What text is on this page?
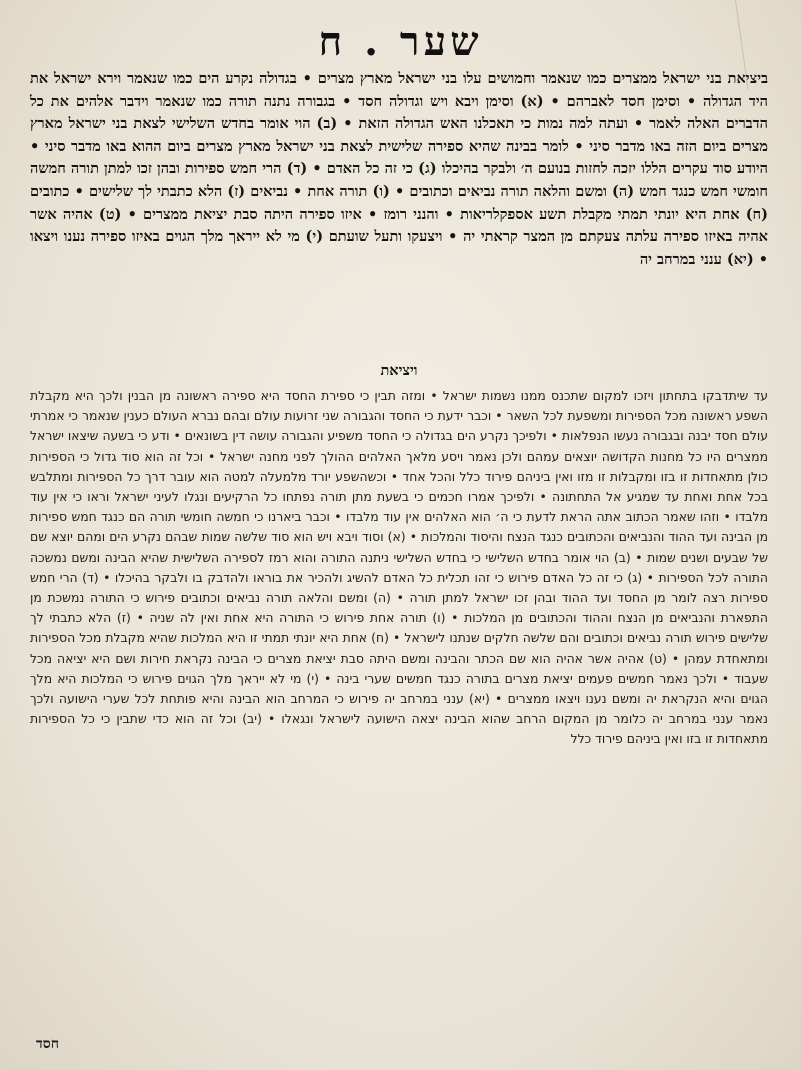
שער . ח
ביציאת בני ישראל ממצרים כמו שנאמר וחמושים עלו בני ישראל מארץ מצרים • בגדולה נקרע הים כמו שנאמר וירא ישראל את היד הגדולה • וסימן חסד לאברהם • (א) וסימן ויבא ויש וגדולה חסד • בגבורה נתנה תורה כמו שנאמר וידבר אלהים את כל הדברים האלה לאמר • ועתה למה נמות כי תאכלנו האש הגדולה הזאת • (ב) הוי אומר בחדש השלישי לצאת בני ישראל מארץ מצרים ביום הזה באו מדבר סיני • לומר בבינה שהיא ספירה שלישית לצאת בני ישראל מארץ מצרים ביום ההוא באו מדבר סיני • היודע סוד עקרים הללו יזכה לחזות בנועם ה׳ ולבקר בהיכלו (ג) כי זה כל האדם • (ד) הרי חמש ספירות ובהן זכו למתן תורה חמשה חומשי חמש כנגד חמש (ה) ומשם והלאה תורה נביאים וכתובים • (ו) תורה אחת • נביאים (ז) הלא כתבתי לך שלישים • כתובים (ח) אחת היא יונתי תמתי מקבלת תשע אספקלריאות • והנני רומז • איזו ספירה היתה סבת יציאת ממצרים • (ט) אהיה אשר אהיה באיזו ספירה עלתה צעקתם מן המצר קראתי יה • ויצעקו ותעל שועתם (י) מי לא ייראך מלך הגוים באיזו ספירה נענו ויצאו • (יא) ענני במרחב יה
ויציאת
עד שיתדבקו בתחתון ויזכו למקום שתכנס ממנו נשמות ישראל • ומזה תבין כי ספירת החסד היא ספירה ראשונה מן הבנין ולכך היא מקבלת השפע ראשונה מכל הספירות ומשפעת לכל השאר • וכבר ידעת כי החסד והגבורה שני זרועות עולם ובהם נברא העולם כענין שנאמר כי אמרתי עולם חסד יבנה ובגבורה נעשו הנפלאות • ולפיכך נקרע הים בגדולה כי החסד משפיע והגבורה עושה דין בשונאים • ודע כי בשעה שיצאו ישראל ממצרים היו כל מחנות הקדושה יוצאים עמהם ולכן נאמר ויסע מלאך האלהים ההולך לפני מחנה ישראל • וכל זה הוא סוד גדול כי הספירות כולן מתאחדות זו בזו ומקבלות זו מזו ואין ביניהם פירוד כלל והכל אחד • וכשהשפע יורד מלמעלה למטה הוא עובר דרך כל הספירות ומתלבש בכל אחת ואחת עד שמגיע אל התחתונה • ולפיכך אמרו חכמים כי בשעת מתן תורה נפתחו כל הרקיעים ונגלו לעיני ישראל וראו כי אין עוד מלבדו • וזהו שאמר הכתוב אתה הראת לדעת כי ה׳ הוא האלהים אין עוד מלבדו • וכבר ביארנו כי חמשה חומשי תורה הם כנגד חמש ספירות מן הבינה ועד ההוד והנביאים והכתובים כנגד הנצח והיסוד והמלכות • (א) וסוד ויבא ויש הוא סוד שלשה שמות שבהם נקרע הים ומהם יוצא שם של שבעים ושנים שמות • (ב) הוי אומר בחדש השלישי כי בחדש השלישי ניתנה התורה והוא רמז לספירה השלישית שהיא הבינה ומשם נמשכה התורה לכל הספירות • (ג) כי זה כל האדם פירוש כי זהו תכלית כל האדם להשיג ולהכיר את בוראו ולהדבק בו ולבקר בהיכלו • (ד) הרי חמש ספירות רצה לומר מן החסד ועד ההוד ובהן זכו ישראל למתן תורה • (ה) ומשם והלאה תורה נביאים וכתובים פירוש כי התורה נמשכת מן התפארת והנביאים מן הנצח וההוד והכתובים מן המלכות • (ו) תורה אחת פירוש כי התורה היא אחת ואין לה שניה • (ז) הלא כתבתי לך שלישים פירוש תורה נביאים וכתובים והם שלשה חלקים שנתנו לישראל • (ח) אחת היא יונתי תמתי זו היא המלכות שהיא מקבלת מכל הספירות ומתאחדת עמהן • (ט) אהיה אשר אהיה הוא שם הכתר והבינה ומשם היתה סבת יציאת מצרים כי הבינה נקראת חירות ושם היא יציאה מכל שעבוד • ולכך נאמר חמשים פעמים יציאת מצרים בתורה כנגד חמשים שערי בינה • (י) מי לא ייראך מלך הגוים פירוש כי המלכות היא מלך הגוים והיא הנקראת יה ומשם נענו ויצאו ממצרים • (יא) ענני במרחב יה פירוש כי המרחב הוא הבינה והיא פותחת לכל שערי הישועה ולכך נאמר ענני במרחב יה כלומר מן המקום הרחב שהוא הבינה יצאה הישועה לישראל ונגאלו • (יב) וכל זה הוא כדי שתבין כי כל הספירות מתאחדות זו בזו ואין ביניהם פירוד כלל
חסד
